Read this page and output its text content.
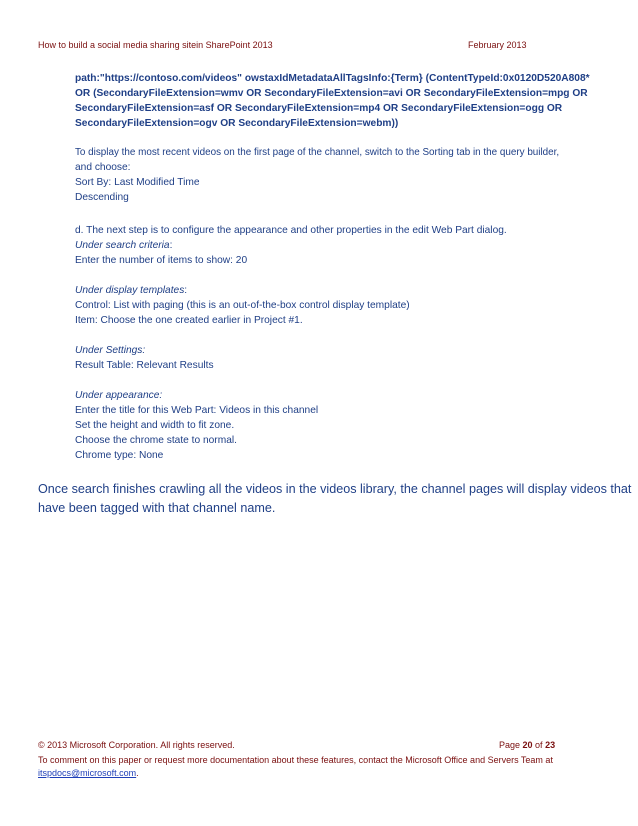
How to build a social media sharing sitein SharePoint 2013	February 2013
path:"https://contoso.com/videos" owstaxIdMetadataAllTagsInfo:{Term} (ContentTypeId:0x0120D520A808*
OR (SecondaryFileExtension=wmv OR SecondaryFileExtension=avi OR SecondaryFileExtension=mpg OR
SecondaryFileExtension=asf OR SecondaryFileExtension=mp4 OR SecondaryFileExtension=ogg OR
SecondaryFileExtension=ogv OR SecondaryFileExtension=webm))
To display the most recent videos on the first page of the channel, switch to the Sorting tab in the query builder,
and choose:
Sort By: Last Modified Time
Descending
d. The next step is to configure the appearance and other properties in the edit Web Part dialog.
Under search criteria:
Enter the number of items to show: 20
Under display templates:
Control: List with paging (this is an out-of-the-box control display template)
Item: Choose the one created earlier in Project #1.
Under Settings:
Result Table: Relevant Results
Under appearance:
Enter the title for this Web Part: Videos in this channel
Set the height and width to fit zone.
Choose the chrome state to normal.
Chrome type: None
Once search finishes crawling all the videos in the videos library, the channel pages will display videos that
have been tagged with that channel name.
© 2013 Microsoft Corporation. All rights reserved.	Page 20 of 23
To comment on this paper or request more documentation about these features, contact the Microsoft Office and Servers Team at
itspdocs@microsoft.com.
